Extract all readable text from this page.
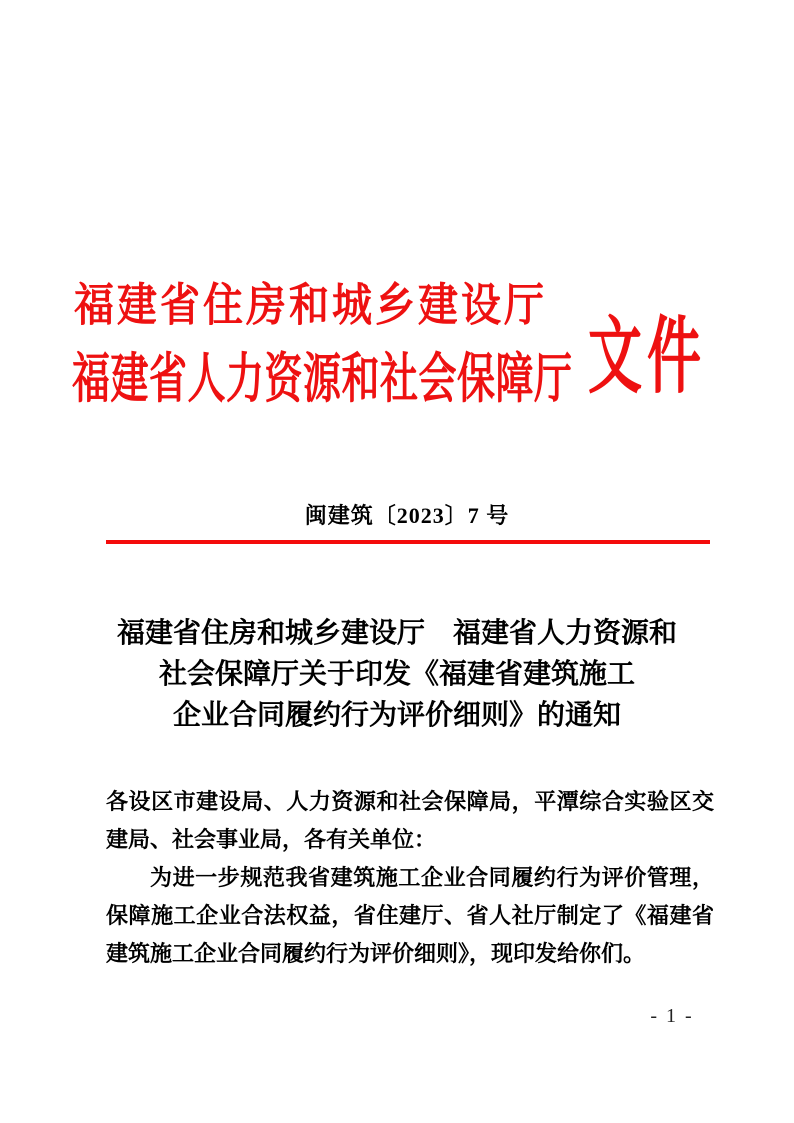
福建省住房和城乡建设厅
福建省人力资源和社会保障厅 文件
闽建筑〔2023〕7 号
福建省住房和城乡建设厅　福建省人力资源和
社会保障厅关于印发《福建省建筑施工
企业合同履约行为评价细则》的通知

各设区市建设局、人力资源和社会保障局，平潭综合实验区交建局、社会事业局，各有关单位：

为进一步规范我省建筑施工企业合同履约行为评价管理，保障施工企业合法权益，省住建厅、省人社厅制定了《福建省建筑施工企业合同履约行为评价细则》，现印发给你们。

- 1 -
